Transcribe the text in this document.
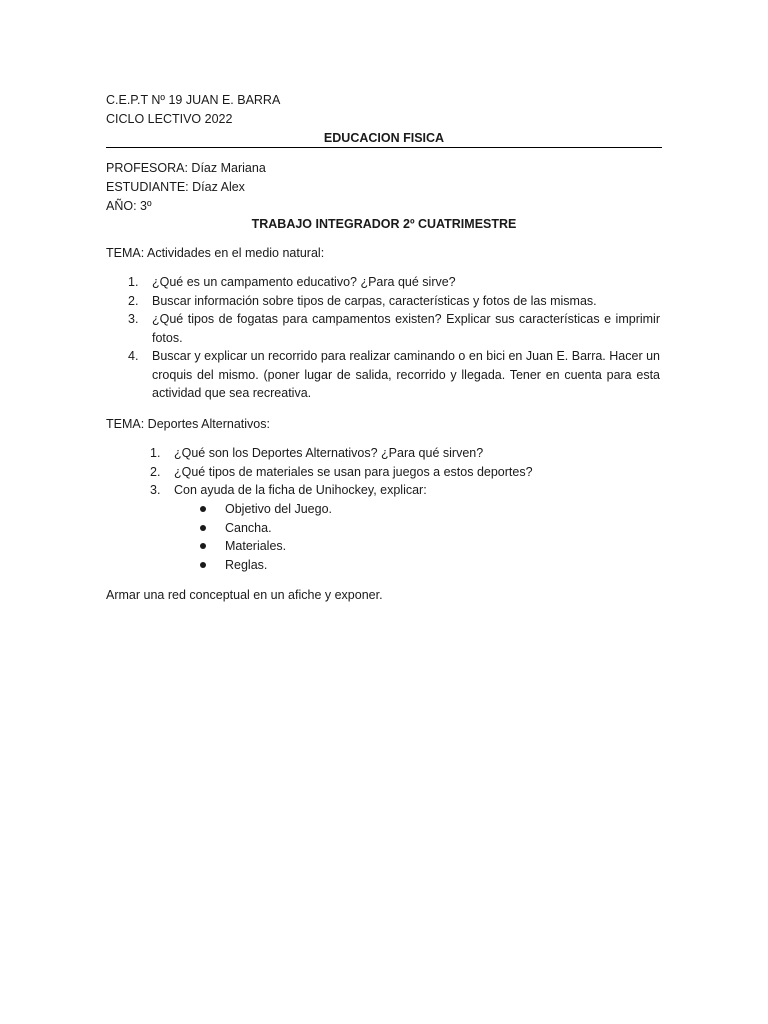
C.E.P.T Nº 19 JUAN E. BARRA
CICLO LECTIVO 2022
EDUCACION FISICA
PROFESORA: Díaz Mariana
ESTUDIANTE: Díaz Alex
AÑO: 3º
TRABAJO INTEGRADOR 2º CUATRIMESTRE
TEMA: Actividades en el medio natural:
1.	¿Qué es un campamento educativo? ¿Para qué sirve?
2.	Buscar información sobre tipos de carpas, características y fotos de las mismas.
3.	¿Qué tipos de fogatas para campamentos existen? Explicar sus características e imprimir fotos.
4.	Buscar y explicar un recorrido para realizar caminando o en bici en Juan E. Barra. Hacer un croquis del mismo. (poner lugar de salida, recorrido y llegada. Tener en cuenta para esta actividad que sea recreativa.
TEMA: Deportes Alternativos:
1.	¿Qué son los Deportes Alternativos? ¿Para qué sirven?
2.	¿Qué tipos de materiales se usan para juegos a estos deportes?
3.	Con ayuda de la ficha de Unihockey, explicar:
Objetivo del Juego.
Cancha.
Materiales.
Reglas.
Armar una red conceptual en un afiche y exponer.
